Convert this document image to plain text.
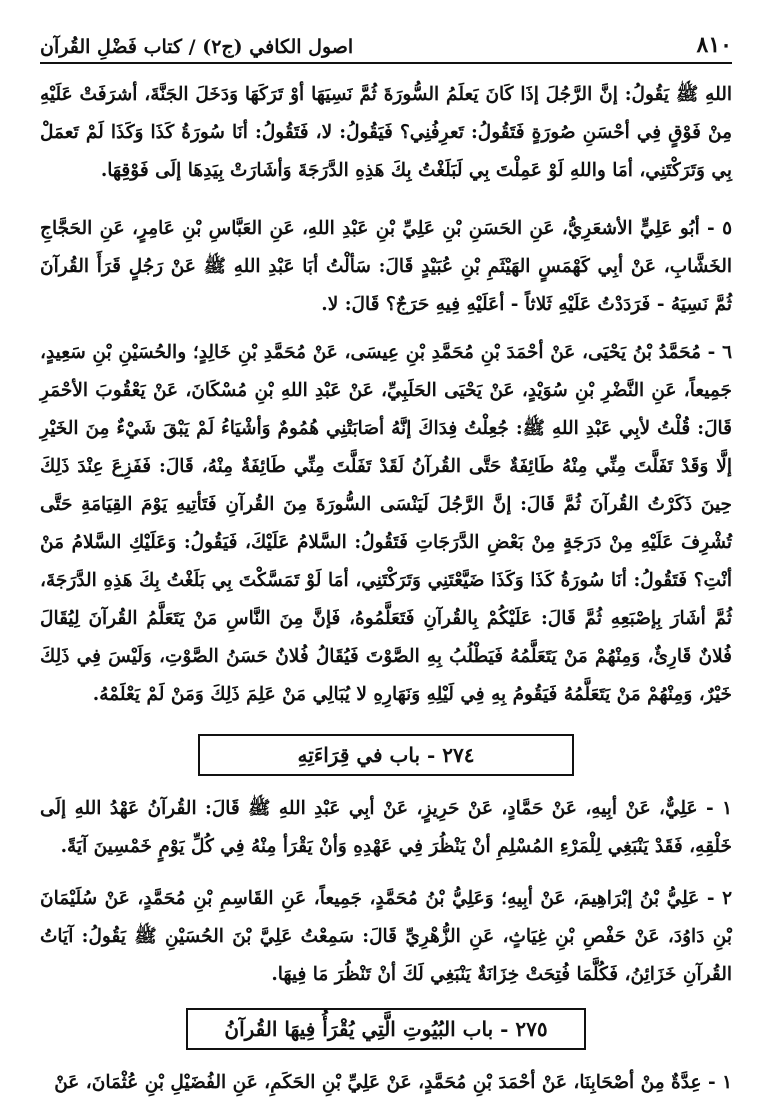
٨١٠
اصول الكافي (ج٢) / كتاب فَضْلِ القُرآن

اللهِ ﷺ يَقُولُ: إنَّ الرَّجُلَ إذَا كَانَ يَعلَمُ السُّورَةَ ثُمَّ نَسِيَهَا أوْ تَرَكَهَا وَدَخَلَ الجَنَّةَ، أشرَفَتْ عَلَيْهِ مِنْ فَوْقٍ فِي أحْسَنِ صُورَةٍ فَتَقُولُ: تَعرِفُنِي؟ فَيَقُولُ: لا، فَتَقُولُ: أنَا سُورَةُ كَذَا وَكَذَا لَمْ تَعمَلْ بِي وَتَرَكْتَنِي، أمَا واللهِ لَوْ عَمِلْتَ بِي لَبَلَغْتُ بِكَ هَذِهِ الدَّرَجَةَ وَأشَارَتْ بِيَدِهَا إلَى فَوْقِهَا.

٥ - أبُو عَلِيٍّ الأشعَرِيُّ، عَنِ الحَسَنِ بْنِ عَلِيِّ بْنِ عَبْدِ اللهِ، عَنِ العَبَّاسِ بْنِ عَامِرٍ، عَنِ الحَجَّاجِ الخَشَّابِ، عَنْ أبِي كَهْمَسٍ الهَيْثَمِ بْنِ عُبَيْدٍ قَالَ: سَألْتُ أبَا عَبْدِ اللهِ ﷺ عَنْ رَجُلٍ قَرَأَ القُرآنَ ثُمَّ نَسِيَهُ - فَرَدَدْتُ عَلَيْهِ ثَلاثاً - أعَلَيْهِ فِيهِ حَرَجٌ؟ قَالَ: لا.

٦ - مُحَمَّدُ بْنُ يَحْيَى، عَنْ أحْمَدَ بْنِ مُحَمَّدِ بْنِ عِيسَى، عَنْ مُحَمَّدِ بْنِ خَالِدٍ؛ والحُسَيْنِ بْنِ سَعِيدٍ، جَمِيعاً، عَنِ النَّضْرِ بْنِ سُوَيْدٍ، عَنْ يَحْيَى الحَلَبِيِّ، عَنْ عَبْدِ اللهِ بْنِ مُسْكَانَ، عَنْ يَعْقُوبَ الأحْمَرِ قَالَ: قُلْتُ لأبِي عَبْدِ اللهِ ﷺ: جُعِلْتُ فِدَاكَ إنَّهُ أصَابَتْنِي هُمُومٌ وَأشْيَاءُ لَمْ يَبْقَ شَيْءٌ مِنَ الخَيْرِ إلَّا وَقَدْ تَفَلَّتَ مِنِّي مِنْهُ طَائِفَةٌ حَتَّى القُرآنُ لَقَدْ تَفَلَّتَ مِنِّي طَائِفَةٌ مِنْهُ، قَالَ: فَفَزِعَ عِنْدَ ذَلِكَ حِينَ ذَكَرْتُ القُرآنَ ثُمَّ قَالَ: إنَّ الرَّجُلَ لَيَنْسَى السُّورَةَ مِنَ القُرآنِ فَتَأتِيهِ يَوْمَ القِيَامَةِ حَتَّى تُشْرِفَ عَلَيْهِ مِنْ دَرَجَةٍ مِنْ بَعْضِ الدَّرَجَاتِ فَتَقُولُ: السَّلامُ عَلَيْكَ، فَيَقُولُ: وَعَلَيْكِ السَّلامُ مَنْ أنْتِ؟ فَتَقُولُ: أنَا سُورَةُ كَذَا وَكَذَا ضَيَّعْتَنِي وَتَرَكْتَنِي، أمَا لَوْ تَمَسَّكْتَ بِي بَلَغْتُ بِكَ هَذِهِ الدَّرَجَةَ، ثُمَّ أشَارَ بِإصْبَعِهِ ثُمَّ قَالَ: عَلَيْكُمْ بِالقُرآنِ فَتَعَلَّمُوهُ، فَإنَّ مِنَ النَّاسِ مَنْ يَتَعَلَّمُ القُرآنَ لِيُقَالَ فُلانٌ قَارِئٌ، وَمِنْهُمْ مَنْ يَتَعَلَّمُهُ فَيَطْلُبُ بِهِ الصَّوْتَ فَيُقَالُ فُلانٌ حَسَنُ الصَّوْتِ، وَلَيْسَ فِي ذَلِكَ خَيْرٌ، وَمِنْهُمْ مَنْ يَتَعَلَّمُهُ فَيَقُومُ بِهِ فِي لَيْلِهِ وَنَهَارِهِ لا يُبَالِي مَنْ عَلِمَ ذَلِكَ وَمَنْ لَمْ يَعْلَمْهُ.

٢٧٤ - باب في قِرَاءَتِهِ

١ - عَلِيٌّ، عَنْ أبِيهِ، عَنْ حَمَّادٍ، عَنْ حَرِيزٍ، عَنْ أبِي عَبْدِ اللهِ ﷺ قَالَ: القُرآنُ عَهْدُ اللهِ إلَى خَلْقِهِ، فَقَدْ يَنْبَغِي لِلْمَرْءِ المُسْلِمِ أنْ يَنْظُرَ فِي عَهْدِهِ وَأنْ يَقْرَأ مِنْهُ فِي كُلِّ يَوْمٍ خَمْسِينَ آيَةً.

٢ - عَلِيُّ بْنُ إبْرَاهِيمَ، عَنْ أبِيهِ؛ وَعَلِيُّ بْنُ مُحَمَّدٍ، جَمِيعاً، عَنِ القَاسِمِ بْنِ مُحَمَّدٍ، عَنْ سُلَيْمَانَ بْنِ دَاوُدَ، عَنْ حَفْصِ بْنِ غِيَاثٍ، عَنِ الزُّهْرِيِّ قَالَ: سَمِعْتُ عَلِيَّ بْنَ الحُسَيْنِ ﷺ يَقُولُ: آيَاتُ القُرآنِ خَزَائِنُ، فَكُلَّمَا فُتِحَتْ خِزَانَةٌ يَنْبَغِي لَكَ أنْ تَنْظُرَ مَا فِيهَا.

٢٧٥ - باب البُيُوتِ الَّتِي يُقْرَأُ فِيهَا القُرآنُ

١ - عِدَّةٌ مِنْ أصْحَابِنَا، عَنْ أحْمَدَ بْنِ مُحَمَّدٍ، عَنْ عَلِيِّ بْنِ الحَكَمِ، عَنِ الفُضَيْلِ بْنِ عُثْمَانَ، عَنْ
